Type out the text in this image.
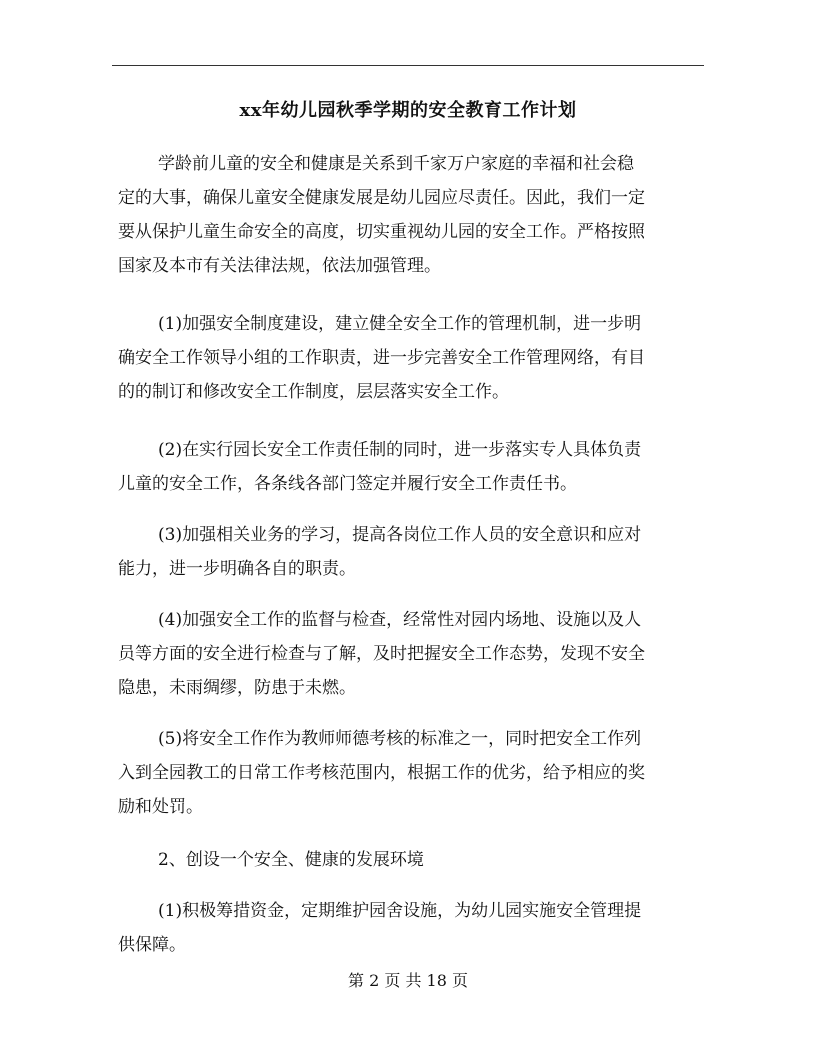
xx年幼儿园秋季学期的安全教育工作计划
学龄前儿童的安全和健康是关系到千家万户家庭的幸福和社会稳
定的大事，确保儿童安全健康发展是幼儿园应尽责任。因此，我们一定
要从保护儿童生命安全的高度，切实重视幼儿园的安全工作。严格按照
国家及本市有关法律法规，依法加强管理。
(1)加强安全制度建设，建立健全安全工作的管理机制，进一步明
确安全工作领导小组的工作职责，进一步完善安全工作管理网络，有目
的的制订和修改安全工作制度，层层落实安全工作。
(2)在实行园长安全工作责任制的同时，进一步落实专人具体负责
儿童的安全工作，各条线各部门签定并履行安全工作责任书。
(3)加强相关业务的学习，提高各岗位工作人员的安全意识和应对
能力，进一步明确各自的职责。
(4)加强安全工作的监督与检查，经常性对园内场地、设施以及人
员等方面的安全进行检查与了解，及时把握安全工作态势，发现不安全
隐患，未雨绸缪，防患于未燃。
(5)将安全工作作为教师师德考核的标准之一，同时把安全工作列
入到全园教工的日常工作考核范围内，根据工作的优劣，给予相应的奖
励和处罚。
2、创设一个安全、健康的发展环境
(1)积极筹措资金，定期维护园舍设施，为幼儿园实施安全管理提
供保障。
第 2 页 共 18 页
